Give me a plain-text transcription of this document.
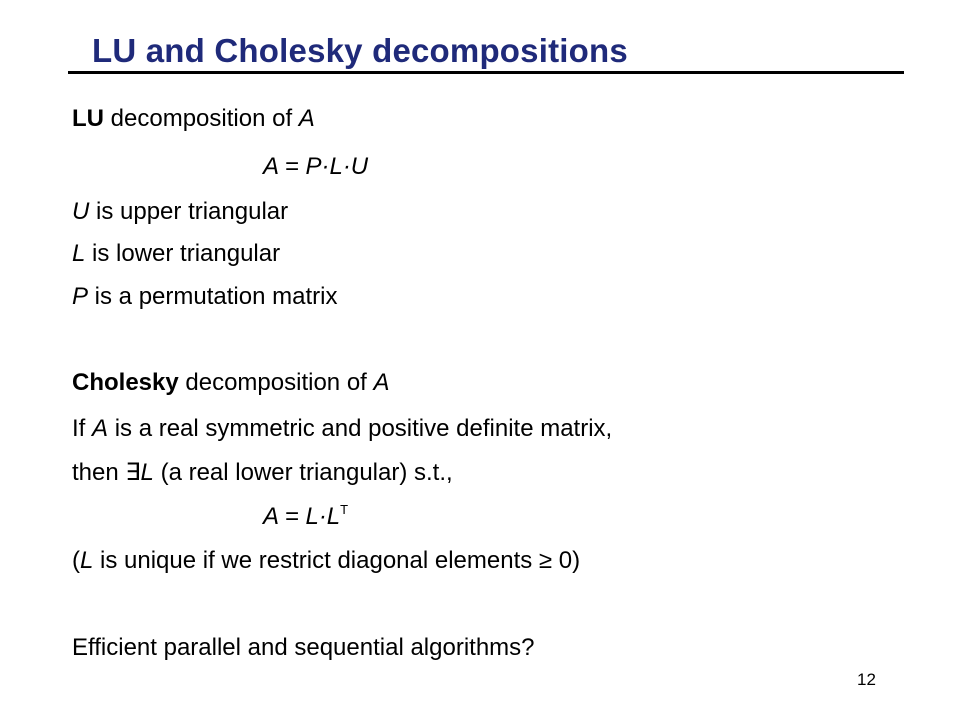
LU and Cholesky decompositions
LU decomposition of A
A = P·L·U
U is upper triangular
L is lower triangular
P is a permutation matrix
Cholesky decomposition of A
If A is a real symmetric and positive definite matrix,
then ∃L (a real lower triangular) s.t.,
$A = L\cdot L^T$
(L is unique if we restrict diagonal elements ≥ 0)
Efficient parallel and sequential algorithms?
12
